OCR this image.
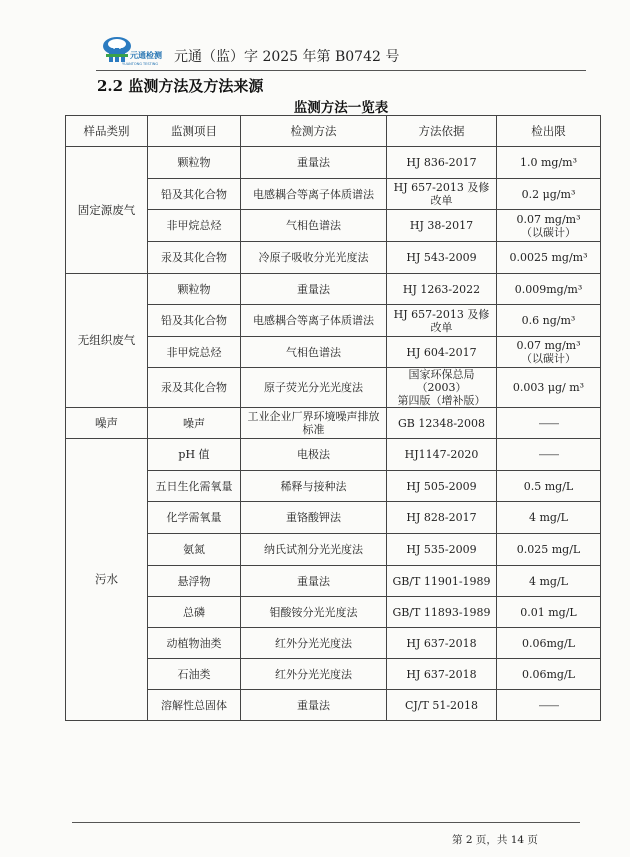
元通检测
YUANTONG TESTING 元通（监）字 2025 年第 B0742 号
2.2 监测方法及方法来源
监测方法一览表
样品类别	监测项目	检测方法	方法依据	检出限
固定源废气	颗粒物	重量法	HJ 836-2017	1.0 mg/m³
	铅及其化合物	电感耦合等离子体质谱法	HJ 657-2013 及修改单	0.2 μg/m³
	非甲烷总烃	气相色谱法	HJ 38-2017	0.07 mg/m³
（以碳计）

	汞及其化合物	冷原子吸收分光光度法	HJ 543-2009	0.0025 mg/m³
无组织废气	颗粒物	重量法	HJ 1263-2022	0.009mg/m³
	铅及其化合物	电感耦合等离子体质谱法	HJ 657-2013 及修改单	0.6 ng/m³
	非甲烷总烃	气相色谱法	HJ 604-2017	0.07 mg/m³
（以碳计）

	汞及其化合物	原子荧光分光光度法	国家环保总局（2003）
第四版（增补版）	0.003 μg/ m³
噪声	噪声	工业企业厂界环境噪声排放
标准	GB 12348-2008	——
污水	pH 值	电极法	HJ1147-2020	——
	五日生化需氧量	稀释与接种法	HJ 505-2009	0.5 mg/L
	化学需氧量	重铬酸钾法	HJ 828-2017	4 mg/L
	氨氮	纳氏试剂分光光度法	HJ 535-2009	0.025 mg/L
	悬浮物	重量法	GB/T 11901-1989	4 mg/L
	总磷	钼酸铵分光光度法	GB/T 11893-1989	0.01 mg/L
	动植物油类	红外分光光度法	HJ 637-2018	0.06mg/L
	石油类	红外分光光度法	HJ 637-2018	0.06mg/L
	溶解性总固体	重量法	CJ/T 51-2018	——
第 2 页，共 14 页
